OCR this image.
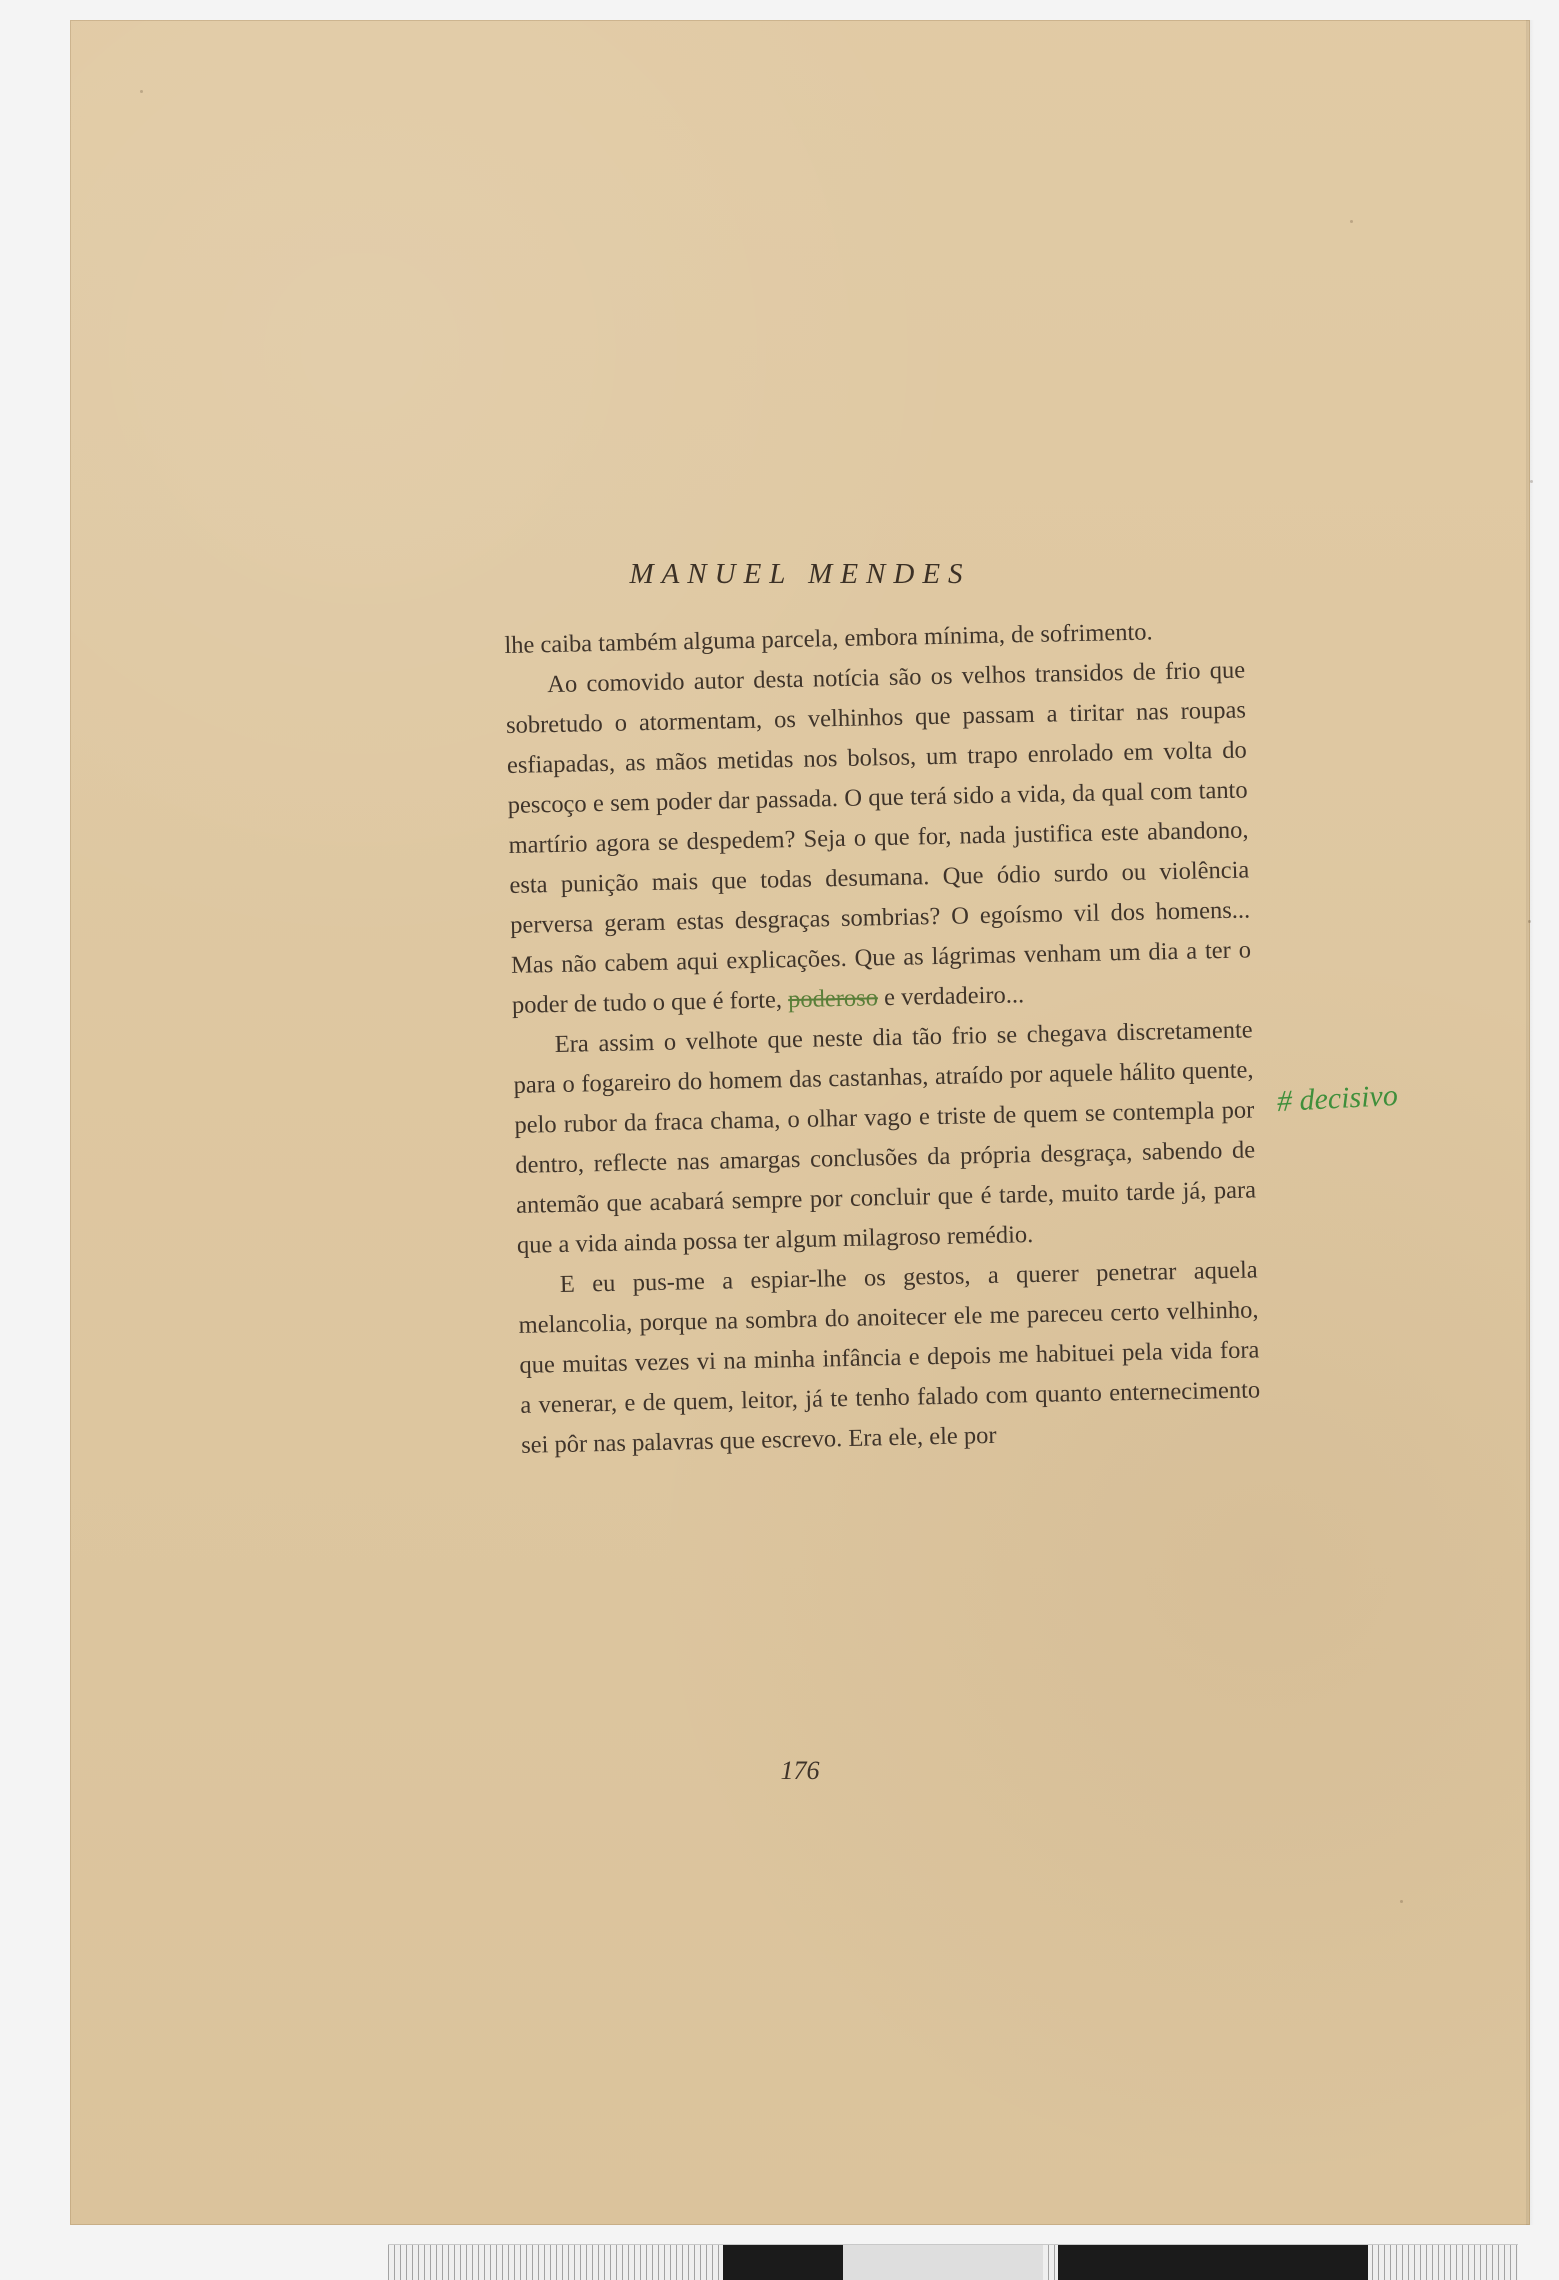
MANUEL MENDES

lhe caiba também alguma parcela, embora mínima, de sofrimento.

Ao comovido autor desta notícia são os velhos transidos de frio que sobretudo o atormentam, os velhinhos que passam a tiritar nas roupas esfiapadas, as mãos metidas nos bolsos, um trapo enrolado em volta do pescoço e sem poder dar passada. O que terá sido a vida, da qual com tanto martírio agora se despedem? Seja o que for, nada justifica este abandono, esta punição mais que todas desumana. Que ódio surdo ou violência perversa geram estas desgraças sombrias? O egoísmo vil dos homens... Mas não cabem aqui explicações. Que as lágrimas venham um dia a ter o poder de tudo o que é forte, poderoso e verdadeiro...

Era assim o velhote que neste dia tão frio se chegava discretamente para o fogareiro do homem das castanhas, atraído por aquele hálito quente, pelo rubor da fraca chama, o olhar vago e triste de quem se contempla por dentro, reflecte nas amargas conclusões da própria desgraça, sabendo de antemão que acabará sempre por concluir que é tarde, muito tarde já, para que a vida ainda possa ter algum milagroso remédio.

E eu pus-me a espiar-lhe os gestos, a querer penetrar aquela melancolia, porque na sombra do anoitecer ele me pareceu certo velhinho, que muitas vezes vi na minha infância e depois me habituei pela vida fora a venerar, e de quem, leitor, já te tenho falado com quanto enternecimento sei pôr nas palavras que escrevo. Era ele, ele por

# decisivo
176
